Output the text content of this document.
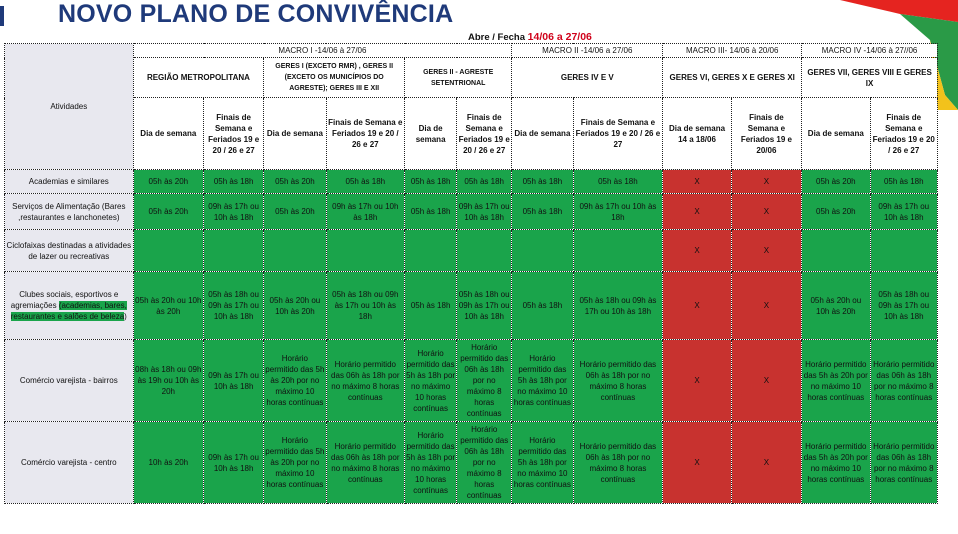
NOVO PLANO DE CONVIVÊNCIA
Abre / Fecha 14/06 a 27/06
Atividades	MACRO I -14/06 à 27/06						MACRO II -14/06 a 27/06		MACRO III- 14/06 à 20/06		MACRO IV -14/06 à 27//06	
	REGIÃO METROPOLITANA		GERES I (EXCETO RMR) , GERES II (EXCETO OS MUNICÍPIOS DO AGRESTE); GERES III E XII		GERES II - AGRESTE SETENTRIONAL		GERES IV E V		GERES VI, GERES X E GERES XI		GERES VII, GERES VIII E GERES IX	
	Dia de semana	Finais de Semana e Feriados 19 e 20 / 26 e 27	Dia de semana	Finais de Semana e Feriados 19 e 20 / 26 e 27	Dia de semana	Finais de Semana e Feriados 19 e 20 / 26 e 27	Dia de semana	Finais de Semana e Feriados 19 e 20 / 26 e 27	Dia de semana 14 a 18/06	Finais de Semana e Feriados 19 e 20/06	Dia de semana	Finais de Semana e Feriados 19 e 20 / 26 e 27
Academias e similares	05h às 20h	05h às 18h	05h às 20h	05h às 18h	05h às 18h	05h às 18h	05h às 18h	05h às 18h	X	X	05h às 20h	05h às 18h
Serviços de Alimentação (Bares ,restaurantes e lanchonetes)	05h às 20h	09h às 17h ou 10h às 18h	05h às 20h	09h às 17h ou 10h às 18h	05h às 18h	09h às 17h ou 10h às 18h	05h às 18h	09h às 17h ou 10h às 18h	X	X	05h às 20h	09h às 17h ou 10h às 18h
Ciclofaixas destinadas a atividades de lazer ou recreativas									X	X		
Clubes sociais, esportivos e agremiações (academias, bares, restaurantes e salões de beleza)	05h às 20h ou 10h às 20h	05h às 18h ou 09h às 17h ou 10h às 18h	05h às 20h ou 10h às 20h	05h às 18h ou 09h às 17h ou 10h às 18h	05h às 18h	05h às 18h ou 09h às 17h ou 10h às 18h	05h às 18h	05h às 18h ou 09h às 17h ou 10h às 18h	X	X	05h às 20h ou 10h às 20h	05h às 18h ou 09h às 17h ou 10h às 18h
Comércio varejista - bairros	08h às 18h ou 09h às 19h ou 10h às 20h	09h às 17h ou 10h às 18h	Horário permitido das 5h às 20h por no máximo 10 horas contínuas	Horário permitido das 06h às 18h por no máximo 8 horas contínuas	Horário permitido das 5h às 18h por no máximo 10 horas contínuas	Horário permitido das 06h às 18h por no máximo 8 horas contínuas	Horário permitido das 5h às 18h por no máximo 10 horas contínuas	Horário permitido das 06h às 18h por no máximo 8 horas contínuas	X	X	Horário permitido das 5h às 20h por no máximo 10 horas contínuas	Horário permitido das 06h às 18h por no máximo 8 horas contínuas
Comércio varejista - centro	10h às 20h	09h às 17h ou 10h às 18h	Horário permitido das 5h às 20h por no máximo 10 horas contínuas	Horário permitido das 06h às 18h por no máximo 8 horas contínuas	Horário permitido das 5h às 18h por no máximo 10 horas contínuas	Horário permitido das 06h às 18h por no máximo 8 horas contínuas	Horário permitido das 5h às 18h por no máximo 10 horas contínuas	Horário permitido das 06h às 18h por no máximo 8 horas contínuas	X	X	Horário permitido das 5h às 20h por no máximo 10 horas contínuas	Horário permitido das 06h às 18h por no máximo 8 horas contínuas
